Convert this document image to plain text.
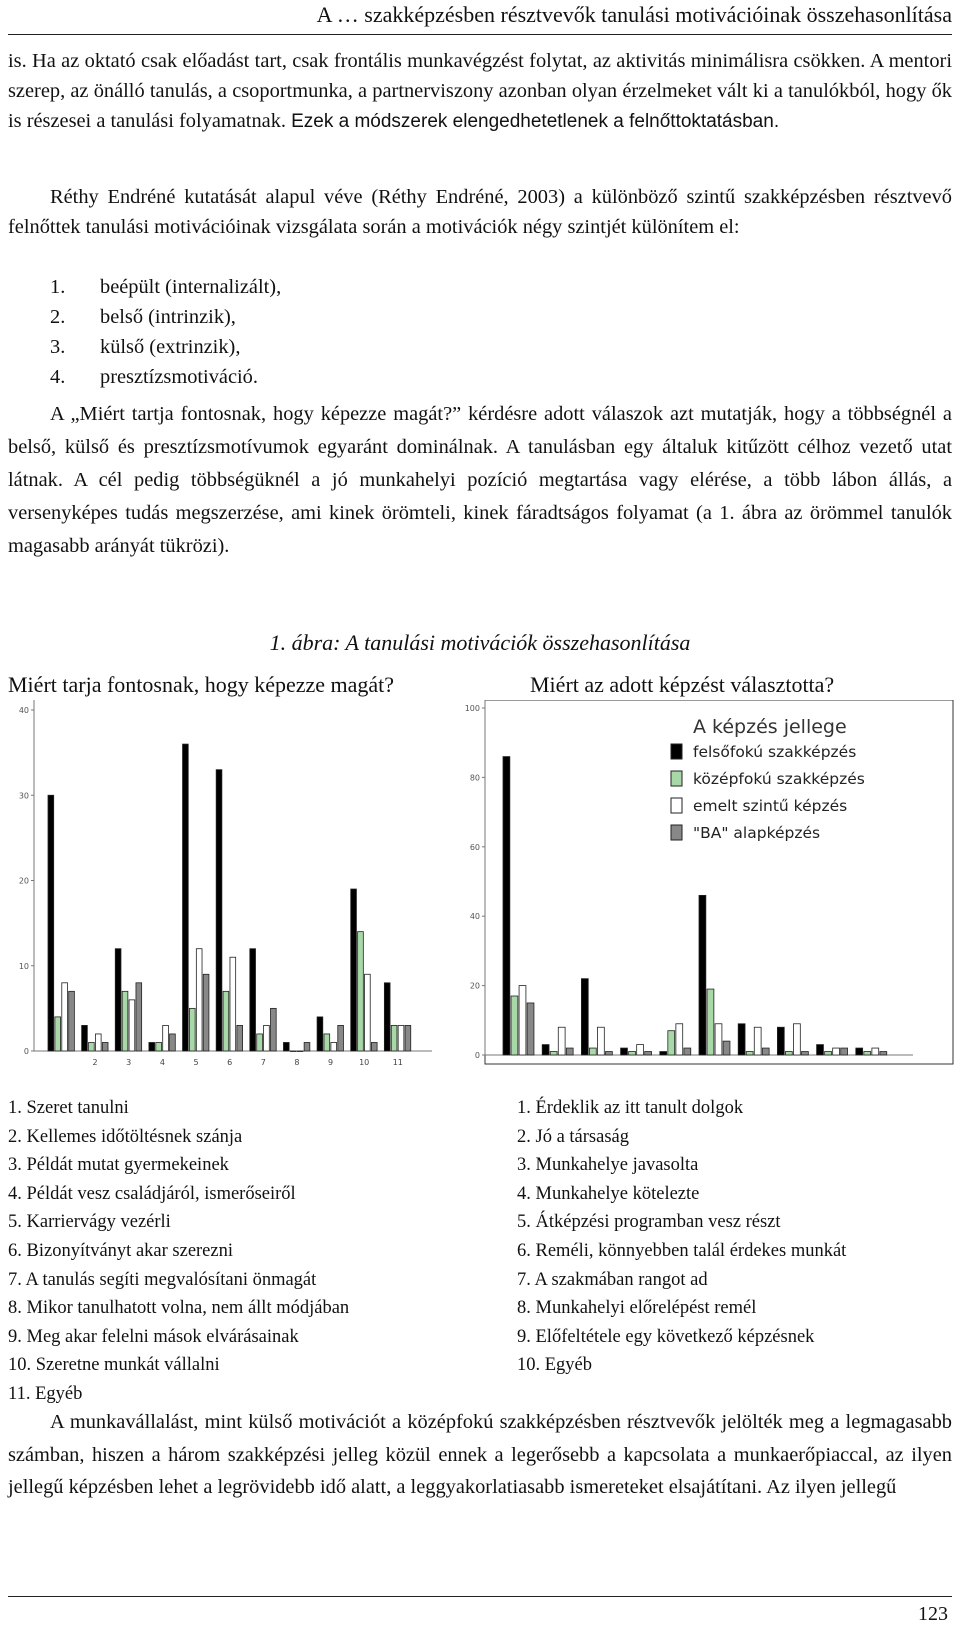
A … szakképzésben résztvevők tanulási motivációinak összehasonlítása

is. Ha az oktató csak előadást tart, csak frontális munkavégzést folytat, az aktivitás minimálisra csökken. A mentori szerep, az önálló tanulás, a csoportmunka, a partnerviszony azonban olyan érzelmeket vált ki a tanulókból, hogy ők is részesei a tanulási folyamatnak. Ezek a módszerek elengedhetetlenek a felnőttoktatásban.

Réthy Endréné kutatását alapul véve (Réthy Endréné, 2003) a különböző szintű szakképzésben résztvevő felnőttek tanulási motivációinak vizsgálata során a motivációk négy szintjét különítem el:

1. beépült (internalizált),
2. belső (intrinzik),
3. külső (extrinzik),
4. presztízsmotiváció.

A „Miért tartja fontosnak, hogy képezze magát?” kérdésre adott válaszok azt mutatják, hogy a többségnél a belső, külső és presztízsmotívumok egyaránt dominálnak. A tanulásban egy általuk kitűzött célhoz vezető utat látnak. A cél pedig többségüknél a jó munkahelyi pozíció megtartása vagy elérése, a több lábon állás, a versenyképes tudás megszerzése, ami kinek örömteli, kinek fáradtságos folyamat (a 1. ábra az örömmel tanulók magasabb arányát tükrözi).

1. ábra: A tanulási motivációk összehasonlítása
Miért tarja fontosnak, hogy képezze magát?	Miért az adott képzést választotta?
0
10
20
30
40
2	3	4	5	6	7	8	9	10	11
0
20
40
60
80
100
A képzés jellege
felsőfokú szakképzés
középfokú szakképzés
emelt szintű képzés
"BA" alapképzés
1. Szeret tanulni
2. Kellemes időtöltésnek szánja
3. Példát mutat gyermekeinek
4. Példát vesz családjáról, ismerőseiről
5. Karriervágy vezérli
6. Bizonyítványt akar szerezni
7. A tanulás segíti megvalósítani önmagát
8. Mikor tanulhatott volna, nem állt módjában
9. Meg akar felelni mások elvárásainak
10. Szeretne munkát vállalni
11. Egyéb
1. Érdeklik az itt tanult dolgok
2. Jó a társaság
3. Munkahelye javasolta
4. Munkahelye kötelezte
5. Átképzési programban vesz részt
6. Reméli, könnyebben talál érdekes munkát
7. A szakmában rangot ad
8. Munkahelyi előrelépést remél
9. Előfeltétele egy következő képzésnek
10. Egyéb

A munkavállalást, mint külső motivációt a középfokú szakképzésben résztvevők jelölték meg a legmagasabb számban, hiszen a három szakképzési jelleg közül ennek a legerősebb a kapcsolata a munkaerőpiaccal, az ilyen jellegű képzésben lehet a legrövidebb idő alatt, a leggyakorlatiasabb ismereteket elsajátítani. Az ilyen jellegű

123
